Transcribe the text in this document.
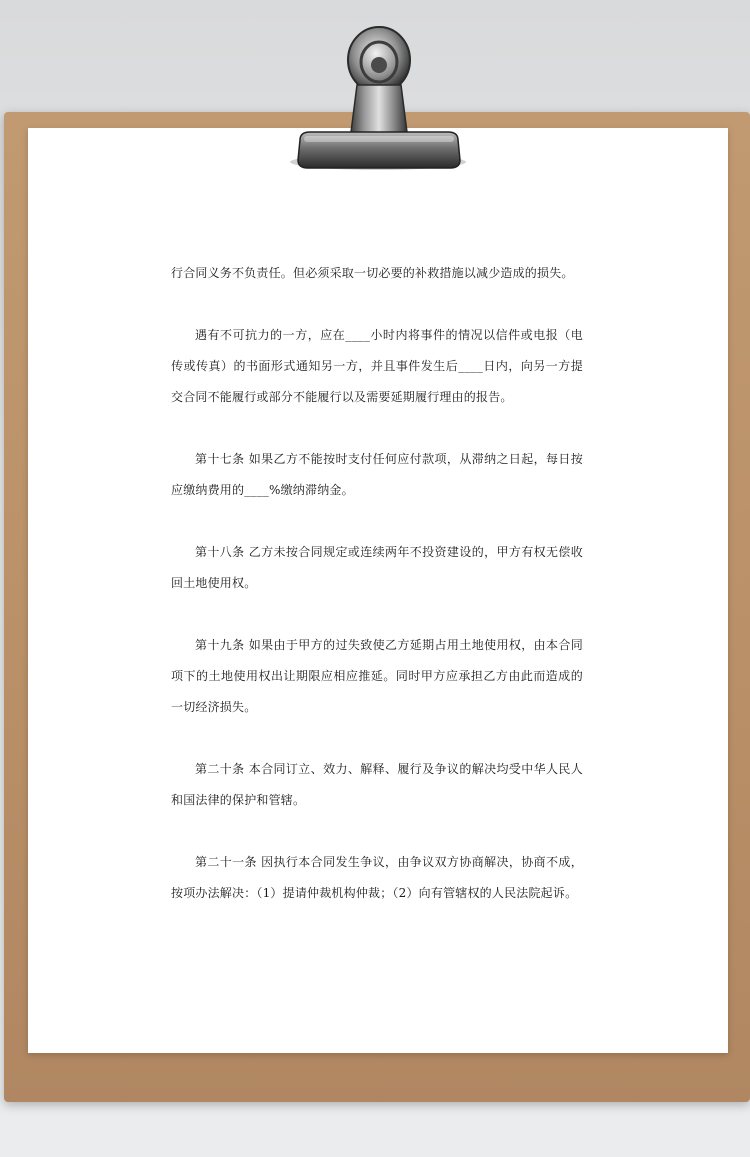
行合同义务不负责任。但必须采取一切必要的补救措施以减少造成的损失。

遇有不可抗力的一方，应在____小时内将事件的情况以信件或电报（电传或传真）的书面形式通知另一方，并且事件发生后____日内，向另一方提交合同不能履行或部分不能履行以及需要延期履行理由的报告。

第十七条 如果乙方不能按时支付任何应付款项，从滞纳之日起，每日按应缴纳费用的____%缴纳滞纳金。

第十八条 乙方未按合同规定或连续两年不投资建设的，甲方有权无偿收回土地使用权。

第十九条 如果由于甲方的过失致使乙方延期占用土地使用权，由本合同项下的土地使用权出让期限应相应推延。同时甲方应承担乙方由此而造成的一切经济损失。

第二十条 本合同订立、效力、解释、履行及争议的解决均受中华人民人和国法律的保护和管辖。

第二十一条 因执行本合同发生争议，由争议双方协商解决，协商不成，按项办法解决：（1）提请仲裁机构仲裁；（2）向有管辖权的人民法院起诉。
